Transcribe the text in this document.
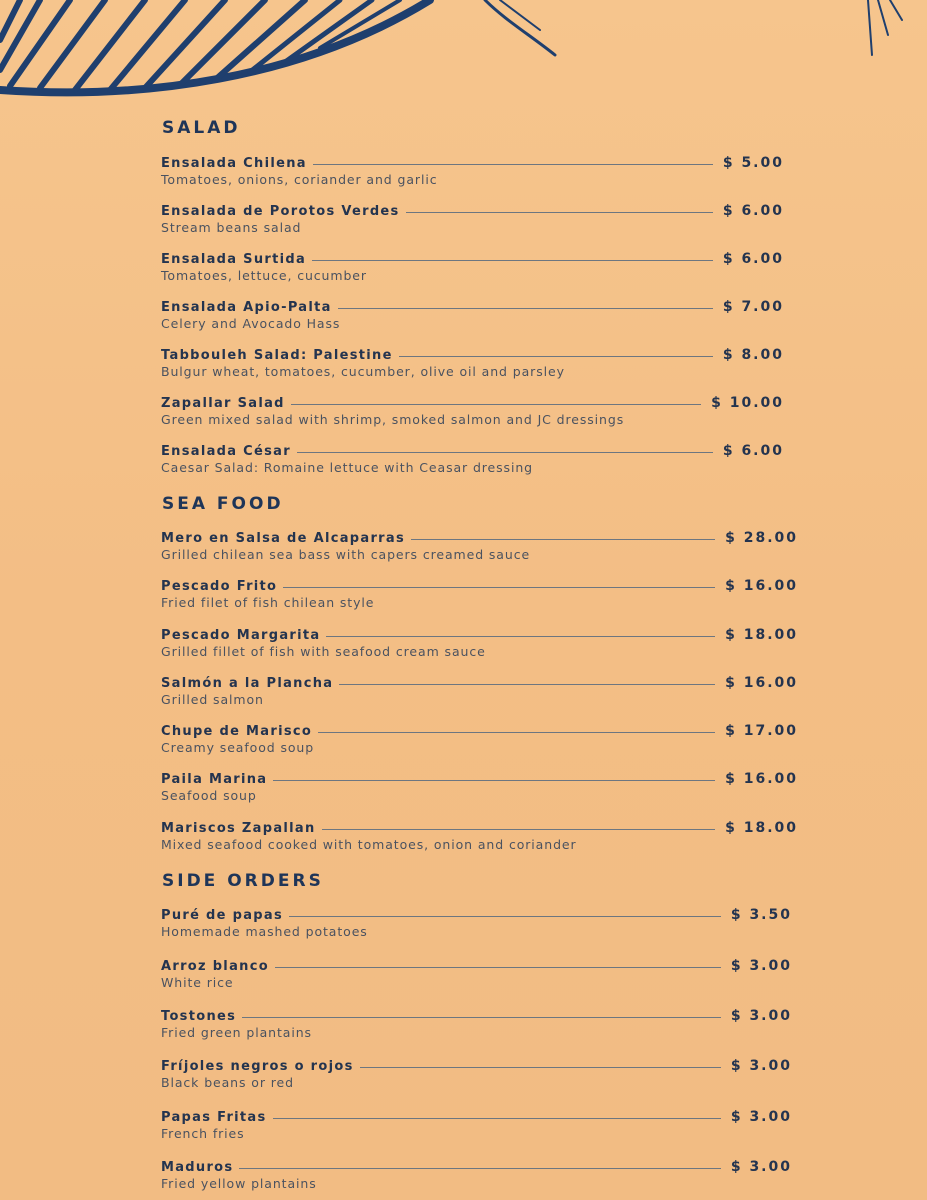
SALAD
Ensalada Chilena	$ 5.00
Tomatoes, onions, coriander and garlic
Ensalada de Porotos Verdes	$ 6.00
Stream beans salad
Ensalada Surtida	$ 6.00
Tomatoes, lettuce, cucumber
Ensalada Apio-Palta	$ 7.00
Celery and Avocado Hass
Tabbouleh Salad: Palestine	$ 8.00
Bulgur wheat, tomatoes, cucumber, olive oil and parsley
Zapallar Salad	$ 10.00
Green mixed salad with shrimp, smoked salmon and JC dressings
Ensalada César	$ 6.00
Caesar Salad: Romaine lettuce with Ceasar dressing
SEA FOOD
Mero en Salsa de Alcaparras	$ 28.00
Grilled chilean sea bass with capers creamed sauce
Pescado Frito	$ 16.00
Fried filet of fish chilean style
Pescado Margarita	$ 18.00
Grilled fillet of fish with seafood cream sauce
Salmón a la Plancha	$ 16.00
Grilled salmon
Chupe de Marisco	$ 17.00
Creamy seafood soup
Paila Marina	$ 16.00
Seafood soup
Mariscos Zapallan	$ 18.00
Mixed seafood cooked with tomatoes, onion and coriander
SIDE ORDERS
Puré de papas	$ 3.50
Homemade mashed potatoes
Arroz blanco	$ 3.00
White rice
Tostones	$ 3.00
Fried green plantains
Fríjoles negros o rojos	$ 3.00
Black beans or red
Papas Fritas	$ 3.00
French fries
Maduros	$ 3.00
Fried yellow plantains
